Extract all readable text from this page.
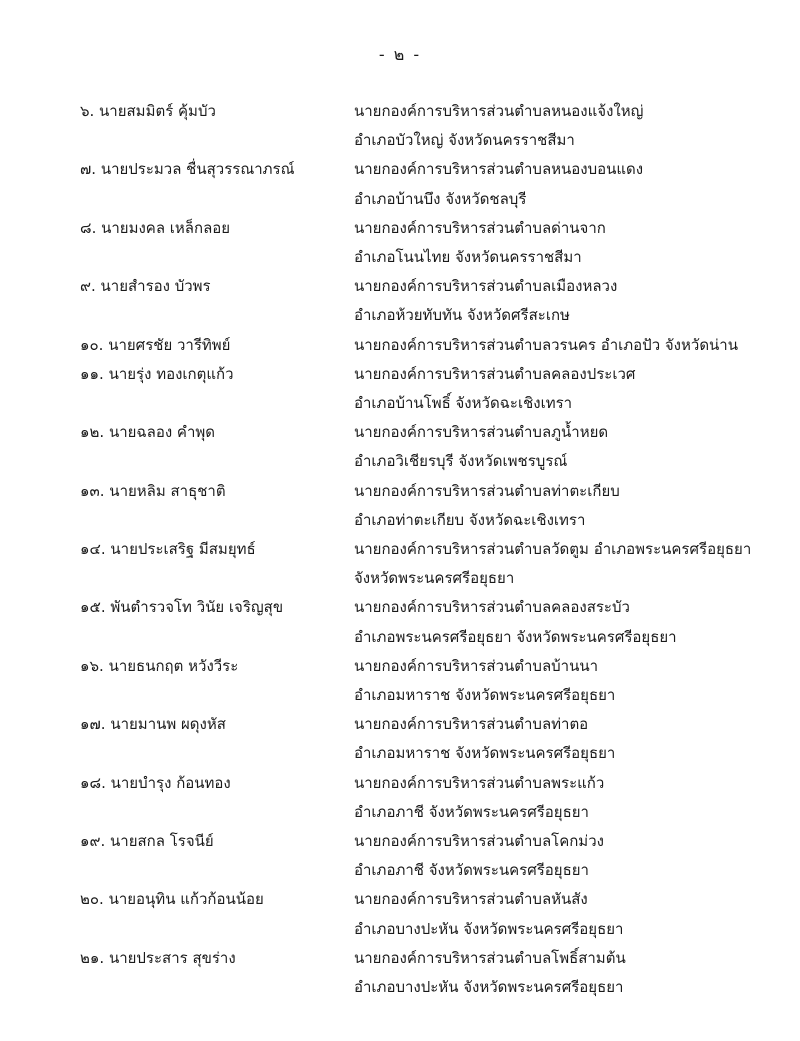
- ๒ -
๖. นายสมมิตร์ คุ้มบัว	นายกองค์การบริหารส่วนตำบลหนองแจ้งใหญ่
อำเภอบัวใหญ่ จังหวัดนครราชสีมา
๗. นายประมวล ชื่นสุวรรณาภรณ์	นายกองค์การบริหารส่วนตำบลหนองบอนแดง
อำเภอบ้านบึง จังหวัดชลบุรี
๘. นายมงคล เหล็กลอย	นายกองค์การบริหารส่วนตำบลด่านจาก
อำเภอโนนไทย จังหวัดนครราชสีมา
๙. นายสำรอง บัวพร	นายกองค์การบริหารส่วนตำบลเมืองหลวง
อำเภอห้วยทับทัน จังหวัดศรีสะเกษ
๑๐. นายศรชัย วารีทิพย์	นายกองค์การบริหารส่วนตำบลวรนคร อำเภอปัว จังหวัดน่าน
๑๑. นายรุ่ง ทองเกตุแก้ว	นายกองค์การบริหารส่วนตำบลคลองประเวศ
อำเภอบ้านโพธิ์ จังหวัดฉะเชิงเทรา
๑๒. นายฉลอง คำพุด	นายกองค์การบริหารส่วนตำบลภูน้ำหยด
อำเภอวิเชียรบุรี จังหวัดเพชรบูรณ์
๑๓. นายหลิม สาธุชาติ	นายกองค์การบริหารส่วนตำบลท่าตะเกียบ
อำเภอท่าตะเกียบ จังหวัดฉะเชิงเทรา
๑๔. นายประเสริฐ มีสมยุทธ์	นายกองค์การบริหารส่วนตำบลวัดตูม อำเภอพระนครศรีอยุธยา
จังหวัดพระนครศรีอยุธยา
๑๕. พันตำรวจโท วินัย เจริญสุข	นายกองค์การบริหารส่วนตำบลคลองสระบัว
อำเภอพระนครศรีอยุธยา จังหวัดพระนครศรีอยุธยา
๑๖. นายธนกฤต หวังวีระ	นายกองค์การบริหารส่วนตำบลบ้านนา
อำเภอมหาราช จังหวัดพระนครศรีอยุธยา
๑๗. นายมานพ ผดุงหัส	นายกองค์การบริหารส่วนตำบลท่าตอ
อำเภอมหาราช จังหวัดพระนครศรีอยุธยา
๑๘. นายบำรุง ก้อนทอง	นายกองค์การบริหารส่วนตำบลพระแก้ว
อำเภอภาชี จังหวัดพระนครศรีอยุธยา
๑๙. นายสกล โรจนีย์	นายกองค์การบริหารส่วนตำบลโคกม่วง
อำเภอภาชี จังหวัดพระนครศรีอยุธยา
๒๐. นายอนุทิน แก้วก้อนน้อย	นายกองค์การบริหารส่วนตำบลหันสัง
อำเภอบางปะหัน จังหวัดพระนครศรีอยุธยา
๒๑. นายประสาร สุขร่าง	นายกองค์การบริหารส่วนตำบลโพธิ์สามต้น
อำเภอบางปะหัน จังหวัดพระนครศรีอยุธยา
